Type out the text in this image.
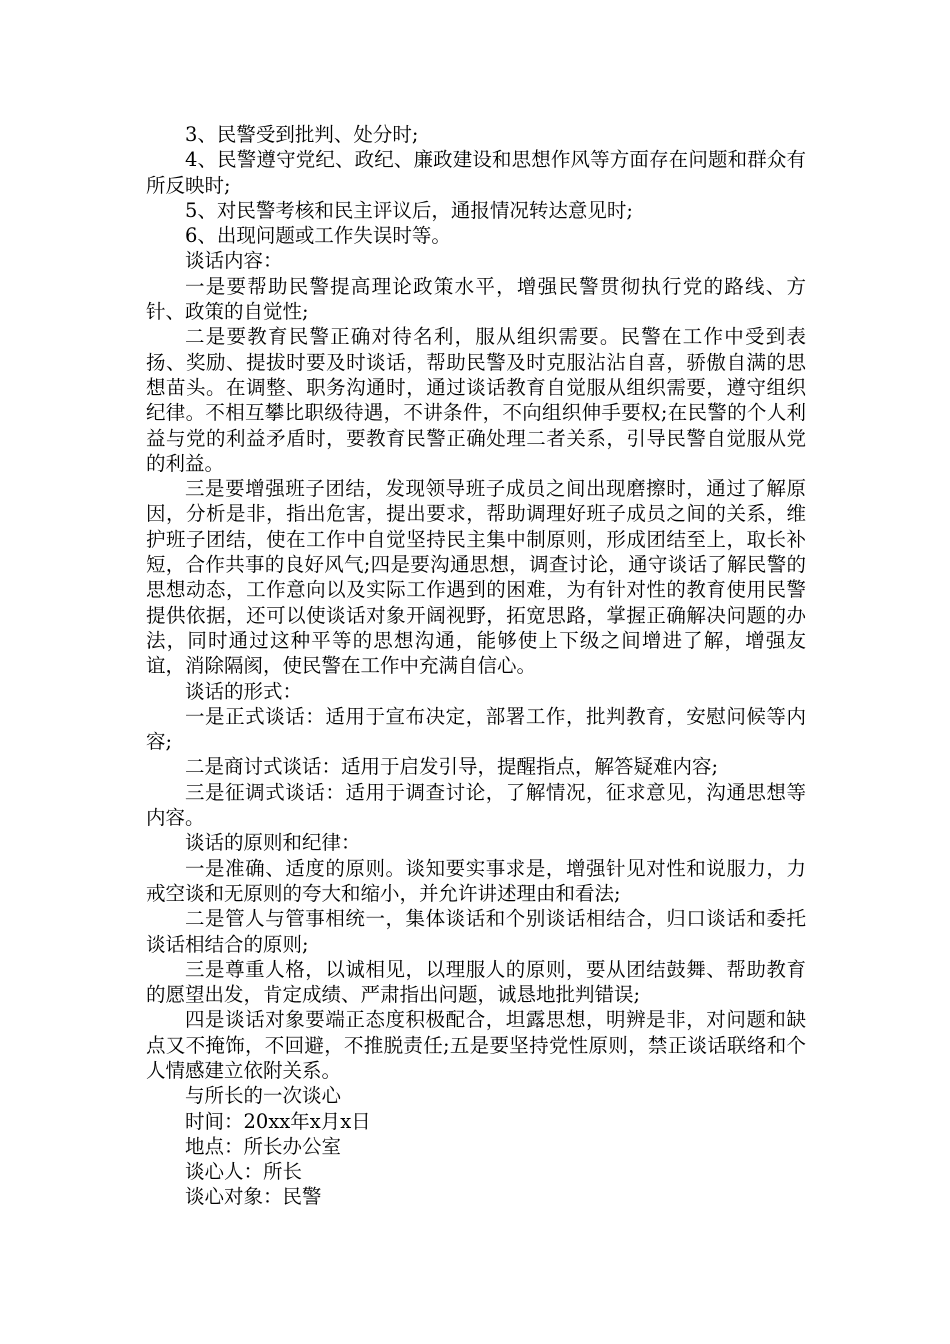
3、民警受到批判、处分时;

4、民警遵守党纪、政纪、廉政建设和思想作风等方面存在问题和群众有所反映时;

5、对民警考核和民主评议后，通报情况转达意见时;

6、出现问题或工作失误时等。

谈话内容：

一是要帮助民警提高理论政策水平，增强民警贯彻执行党的路线、方针、政策的自觉性;

二是要教育民警正确对待名利，服从组织需要。民警在工作中受到表扬、奖励、提拔时要及时谈话，帮助民警及时克服沾沾自喜，骄傲自满的思想苗头。在调整、职务沟通时，通过谈话教育自觉服从组织需要，遵守组织纪律。不相互攀比职级待遇，不讲条件，不向组织伸手要权;在民警的个人利益与党的利益矛盾时，要教育民警正确处理二者关系，引导民警自觉服从党的利益。

三是要增强班子团结，发现领导班子成员之间出现磨擦时，通过了解原因，分析是非，指出危害，提出要求，帮助调理好班子成员之间的关系，维护班子团结，使在工作中自觉坚持民主集中制原则，形成团结至上，取长补短，合作共事的良好风气;四是要沟通思想，调查讨论，通守谈话了解民警的思想动态，工作意向以及实际工作遇到的困难，为有针对性的教育使用民警提供依据，还可以使谈话对象开阔视野，拓宽思路，掌握正确解决问题的办法，同时通过这种平等的思想沟通，能够使上下级之间增进了解，增强友谊，消除隔阂，使民警在工作中充满自信心。

谈话的形式：

一是正式谈话：适用于宣布决定，部署工作，批判教育，安慰问候等内容;

二是商讨式谈话：适用于启发引导，提醒指点，解答疑难内容;

三是征调式谈话：适用于调查讨论，了解情况，征求意见，沟通思想等内容。

谈话的原则和纪律：

一是准确、适度的原则。谈知要实事求是，增强针见对性和说服力，力戒空谈和无原则的夸大和缩小，并允许讲述理由和看法;

二是管人与管事相统一，集体谈话和个别谈话相结合，归口谈话和委托谈话相结合的原则;

三是尊重人格，以诚相见，以理服人的原则，要从团结鼓舞、帮助教育的愿望出发，肯定成绩、严肃指出问题，诚恳地批判错误;

四是谈话对象要端正态度积极配合，坦露思想，明辨是非，对问题和缺点又不掩饰，不回避，不推脱责任;五是要坚持党性原则，禁正谈话联络和个人情感建立依附关系。

与所长的一次谈心

时间：20xx年x月x日

地点：所长办公室

谈心人：所长

谈心对象：民警
